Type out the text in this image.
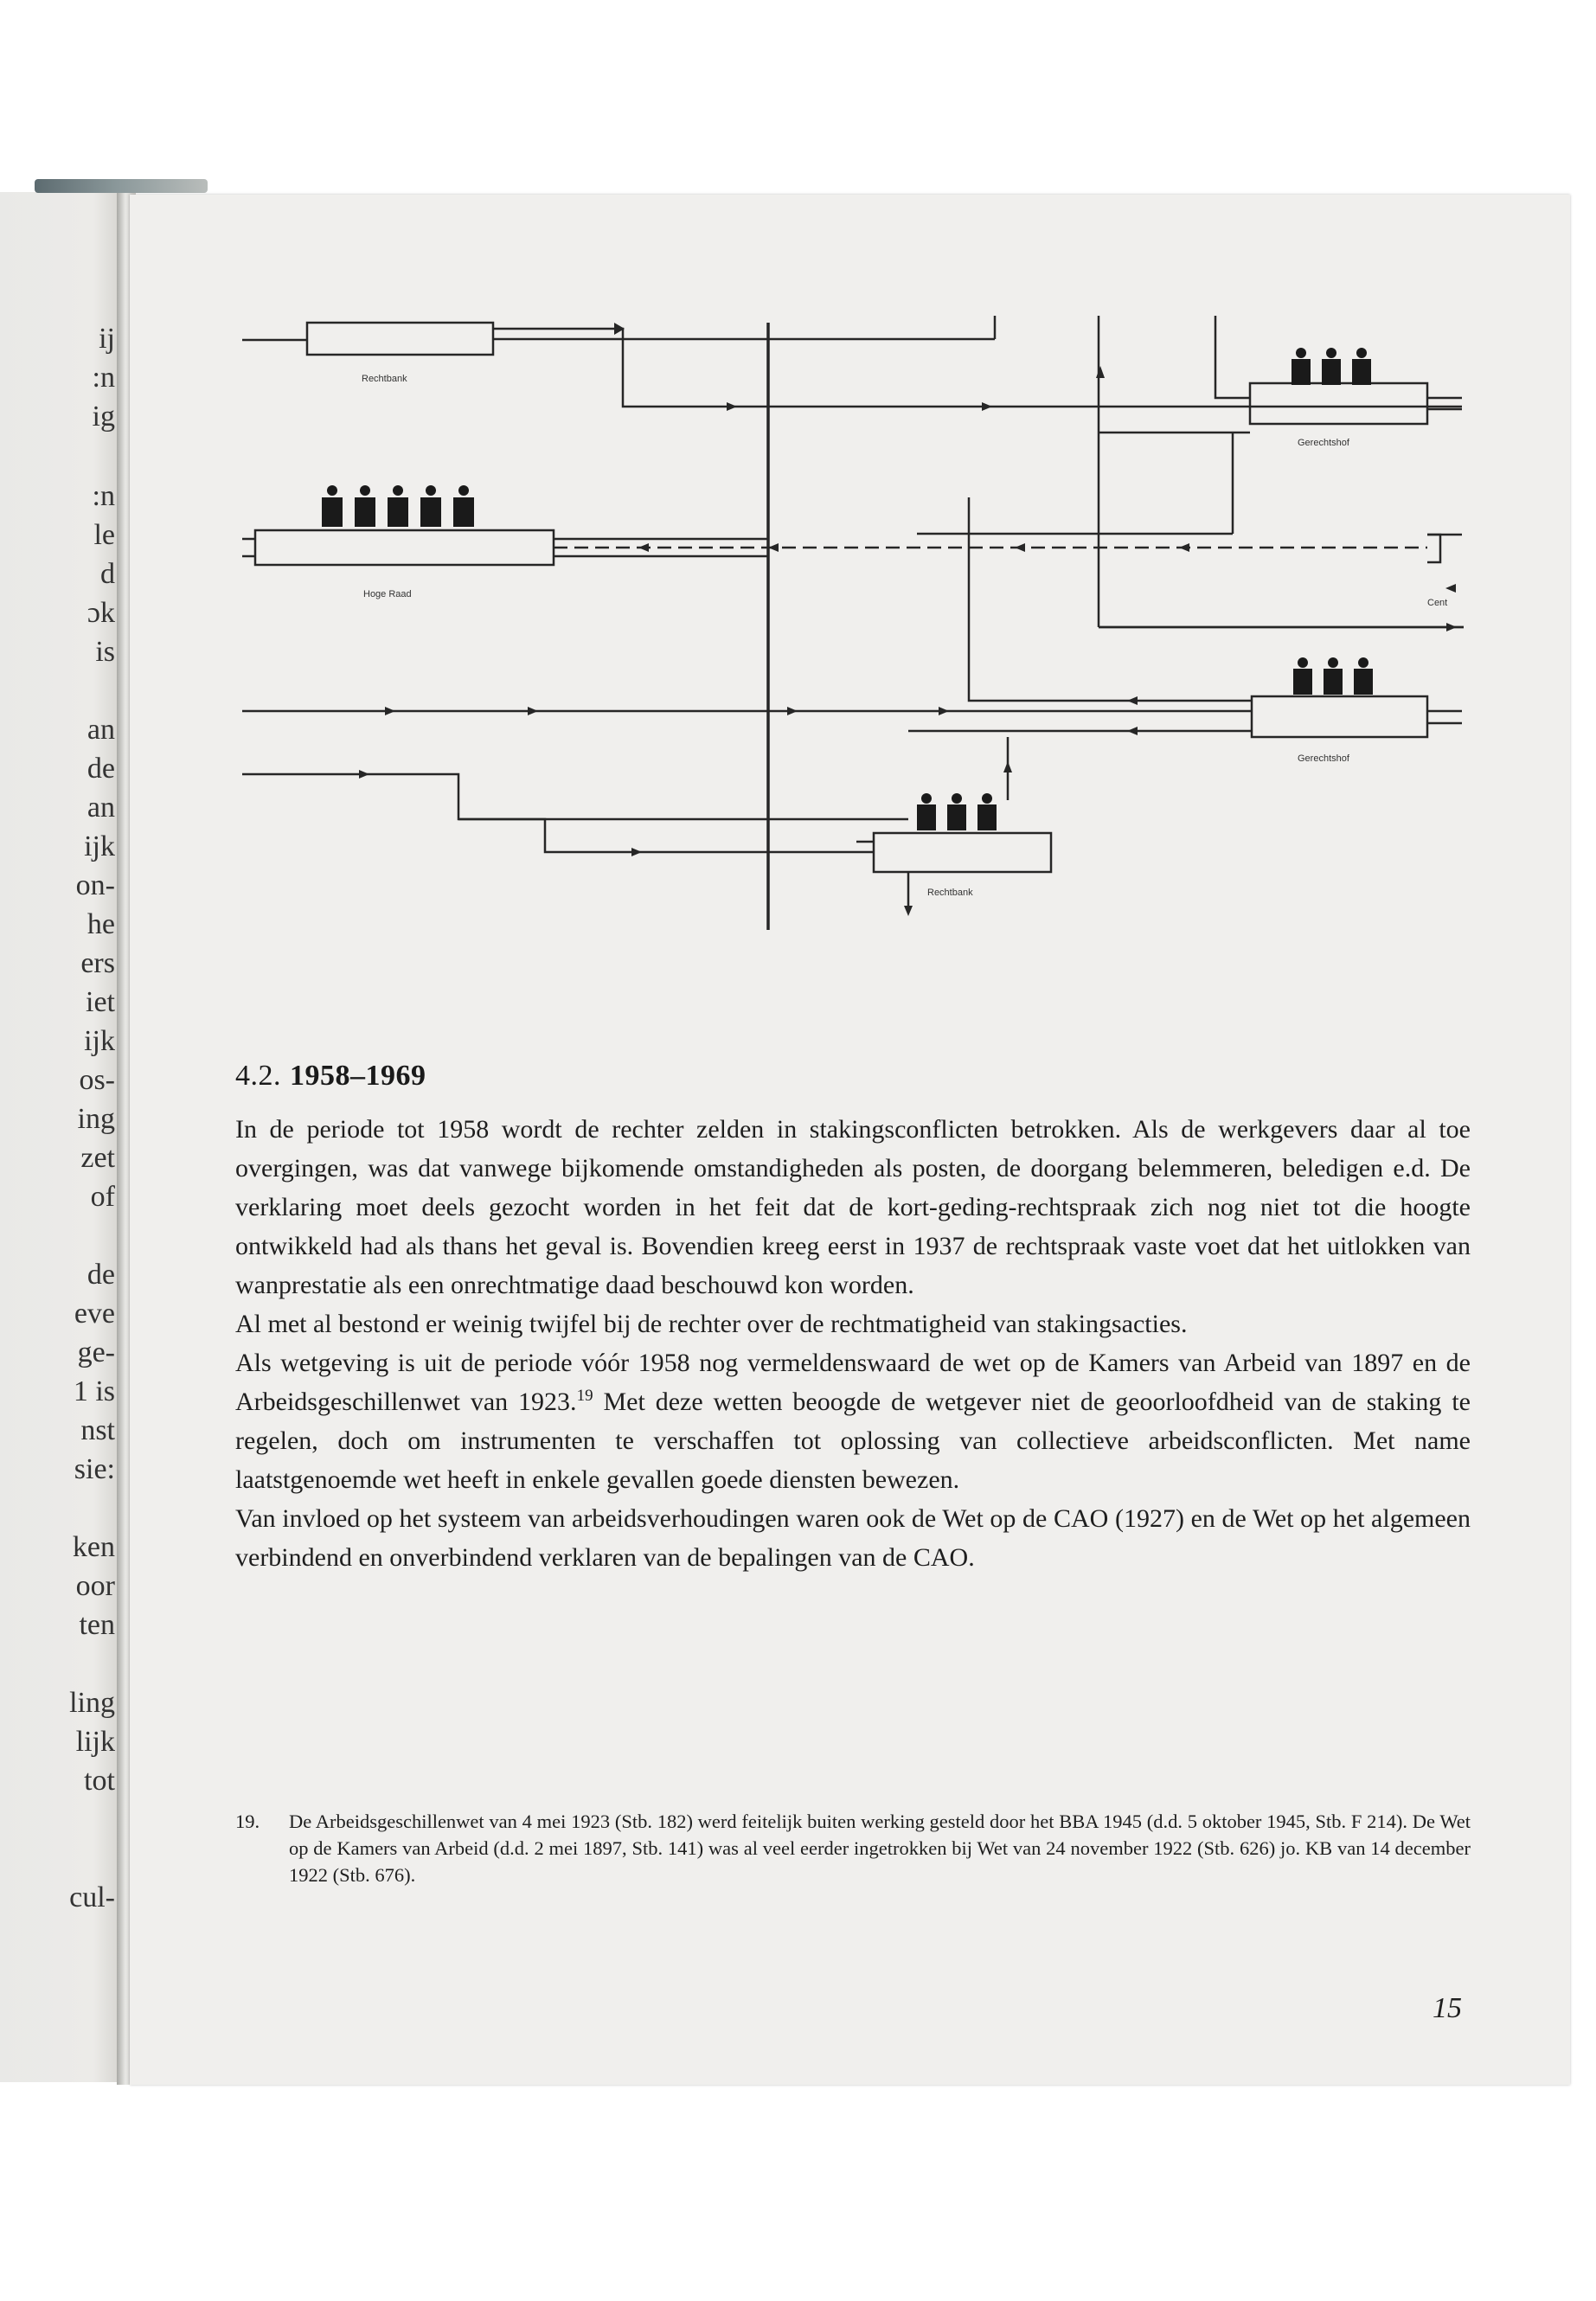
ij
:n
ig
:n
le
d
ɔk
is
an
de
an
ijk
on-
he
ers
iet
ijk
os-
ing
zet
of
de
eve
ge-
1 is
nst
sie:
ken
oor
ten
ling
lijk
tot
cul-
Rechtbank
Hoge Raad
Gerechtshof
Cent
Gerechtshof
Rechtbank
4.2. 1958–1969

In de periode tot 1958 wordt de rechter zelden in stakingsconflicten betrokken. Als de werkgevers daar al toe overgingen, was dat vanwege bijkomende omstandigheden als posten, de doorgang belemmeren, beledigen e.d. De verklaring moet deels gezocht worden in het feit dat de kort-geding-rechtspraak zich nog niet tot die hoogte ontwikkeld had als thans het geval is. Bovendien kreeg eerst in 1937 de rechtspraak vaste voet dat het uitlokken van wanprestatie als een onrechtmatige daad beschouwd kon worden.

Al met al bestond er weinig twijfel bij de rechter over de rechtmatigheid van stakingsacties.

Als wetgeving is uit de periode vóór 1958 nog vermeldenswaard de wet op de Kamers van Arbeid van 1897 en de Arbeidsgeschillenwet van 1923.19 Met deze wetten beoogde de wetgever niet de geoorloofdheid van de staking te regelen, doch om instrumenten te verschaffen tot oplossing van collectieve arbeidsconflicten. Met name laatstgenoemde wet heeft in enkele gevallen goede diensten bewezen.

Van invloed op het systeem van arbeidsverhoudingen waren ook de Wet op de CAO (1927) en de Wet op het algemeen verbindend en onverbindend verklaren van de bepalingen van de CAO.

19. De Arbeidsgeschillenwet van 4 mei 1923 (Stb. 182) werd feitelijk buiten werking gesteld door het BBA 1945 (d.d. 5 oktober 1945, Stb. F 214). De Wet op de Kamers van Arbeid (d.d. 2 mei 1897, Stb. 141) was al veel eerder ingetrokken bij Wet van 24 november 1922 (Stb. 626) jo. KB van 14 december 1922 (Stb. 676).
15
